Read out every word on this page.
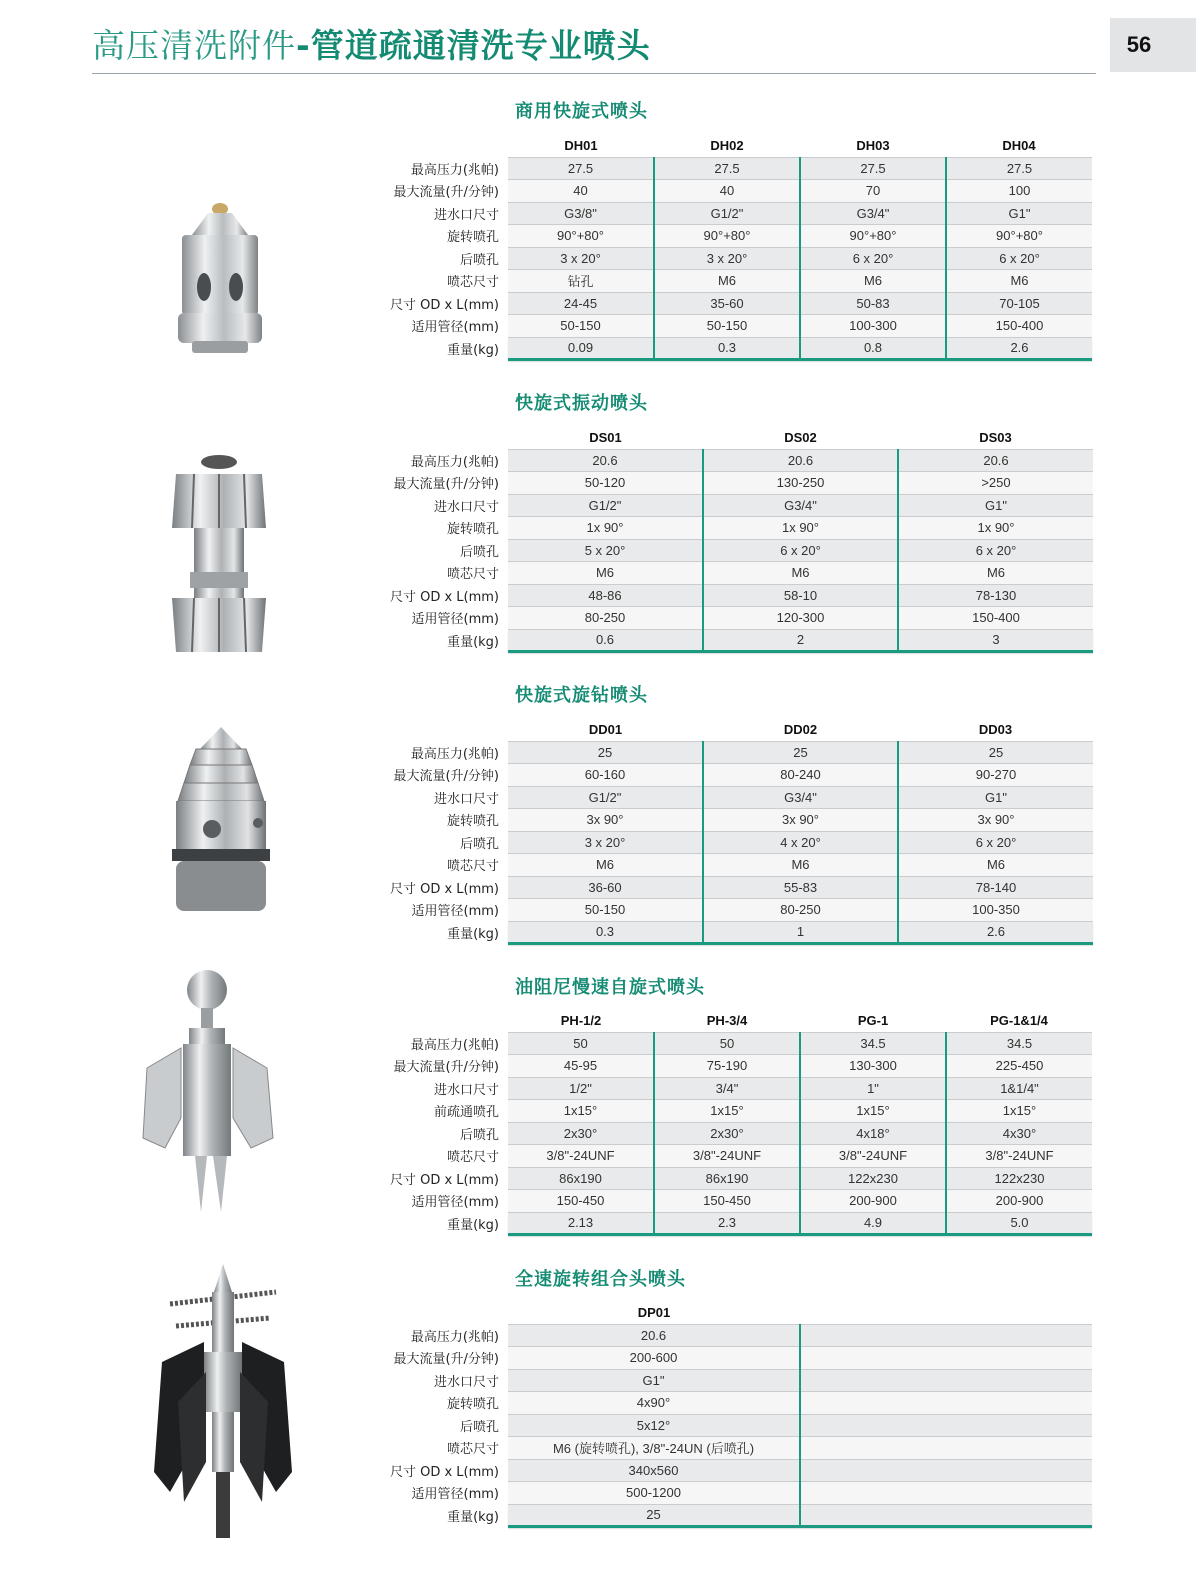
高压清洗附件-管道疏通清洗专业喷头	56
商用快旋式喷头
	DH01	DH02	DH03	DH04
最高压力(兆帕)	27.5	27.5	27.5	27.5
最大流量(升/分钟)	40	40	70	100
进水口尺寸	G3/8"	G1/2"	G3/4"	G1"
旋转喷孔	90°+80°	90°+80°	90°+80°	90°+80°
后喷孔	3 x 20°	3 x 20°	6 x 20°	6 x 20°
喷芯尺寸	钻孔	M6	M6	M6
尺寸 OD x L(mm)	24-45	35-60	50-83	70-105
适用管径(mm)	50-150	50-150	100-300	150-400
重量(kg)	0.09	0.3	0.8	2.6
快旋式振动喷头
	DS01	DS02	DS03
最高压力(兆帕)	20.6	20.6	20.6
最大流量(升/分钟)	50-120	130-250	>250
进水口尺寸	G1/2"	G3/4"	G1"
旋转喷孔	1x 90°	1x 90°	1x 90°
后喷孔	5 x 20°	6 x 20°	6 x 20°
喷芯尺寸	M6	M6	M6
尺寸 OD x L(mm)	48-86	58-10	78-130
适用管径(mm)	80-250	120-300	150-400
重量(kg)	0.6	2	3
快旋式旋钻喷头
	DD01	DD02	DD03
最高压力(兆帕)	25	25	25
最大流量(升/分钟)	60-160	80-240	90-270
进水口尺寸	G1/2"	G3/4"	G1"
旋转喷孔	3x 90°	3x 90°	3x 90°
后喷孔	3 x 20°	4 x 20°	6 x 20°
喷芯尺寸	M6	M6	M6
尺寸 OD x L(mm)	36-60	55-83	78-140
适用管径(mm)	50-150	80-250	100-350
重量(kg)	0.3	1	2.6
油阻尼慢速自旋式喷头
	PH-1/2	PH-3/4	PG-1	PG-1&1/4
最高压力(兆帕)	50	50	34.5	34.5
最大流量(升/分钟)	45-95	75-190	130-300	225-450
进水口尺寸	1/2"	3/4"	1"	1&1/4"
前疏通喷孔	1x15°	1x15°	1x15°	1x15°
后喷孔	2x30°	2x30°	4x18°	4x30°
喷芯尺寸	3/8"-24UNF	3/8"-24UNF	3/8"-24UNF	3/8"-24UNF
尺寸 OD x L(mm)	86x190	86x190	122x230	122x230
适用管径(mm)	150-450	150-450	200-900	200-900
重量(kg)	2.13	2.3	4.9	5.0
全速旋转组合头喷头
	DP01	
最高压力(兆帕)	20.6	
最大流量(升/分钟)	200-600	
进水口尺寸	G1"	
旋转喷孔	4x90°	
后喷孔	5x12°	
喷芯尺寸	M6 (旋转喷孔), 3/8"-24UN (后喷孔)	
尺寸 OD x L(mm)	340x560	
适用管径(mm)	500-1200	
重量(kg)	25	
